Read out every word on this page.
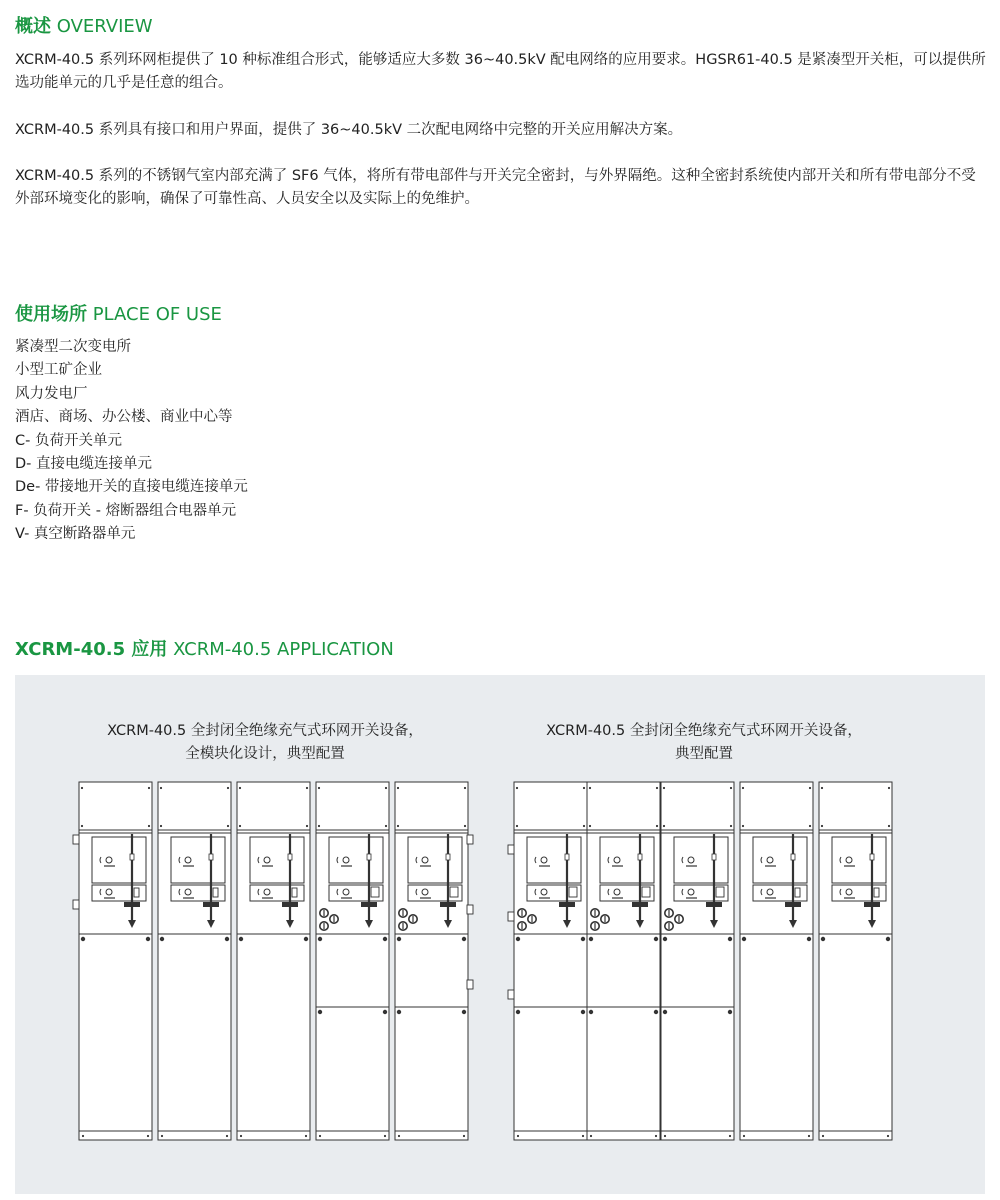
概述 OVERVIEW

XCRM-40.5 系列环网柜提供了 10 种标准组合形式，能够适应大多数 36~40.5kV 配电网络的应用要求。HGSR61-40.5 是紧凑型开关柜，可以提供所选功能单元的几乎是任意的组合。

XCRM-40.5 系列具有接口和用户界面，提供了 36~40.5kV 二次配电网络中完整的开关应用解决方案。

XCRM-40.5 系列的不锈钢气室内部充满了 SF6 气体，将所有带电部件与开关完全密封，与外界隔绝。这种全密封系统使内部开关和所有带电部分不受外部环境变化的影响，确保了可靠性高、人员安全以及实际上的免维护。

使用场所 PLACE OF USE
紧凑型二次变电所
小型工矿企业
风力发电厂
酒店、商场、办公楼、商业中心等
C- 负荷开关单元
D- 直接电缆连接单元
De- 带接地开关的直接电缆连接单元
F- 负荷开关 - 熔断器组合电器单元
V- 真空断路器单元
XCRM-40.5 应用 XCRM-40.5 APPLICATION
XCRM-40.5 全封闭全绝缘充气式环网开关设备，
全模块化设计，典型配置
XCRM-40.5 全封闭全绝缘充气式环网开关设备，
典型配置
